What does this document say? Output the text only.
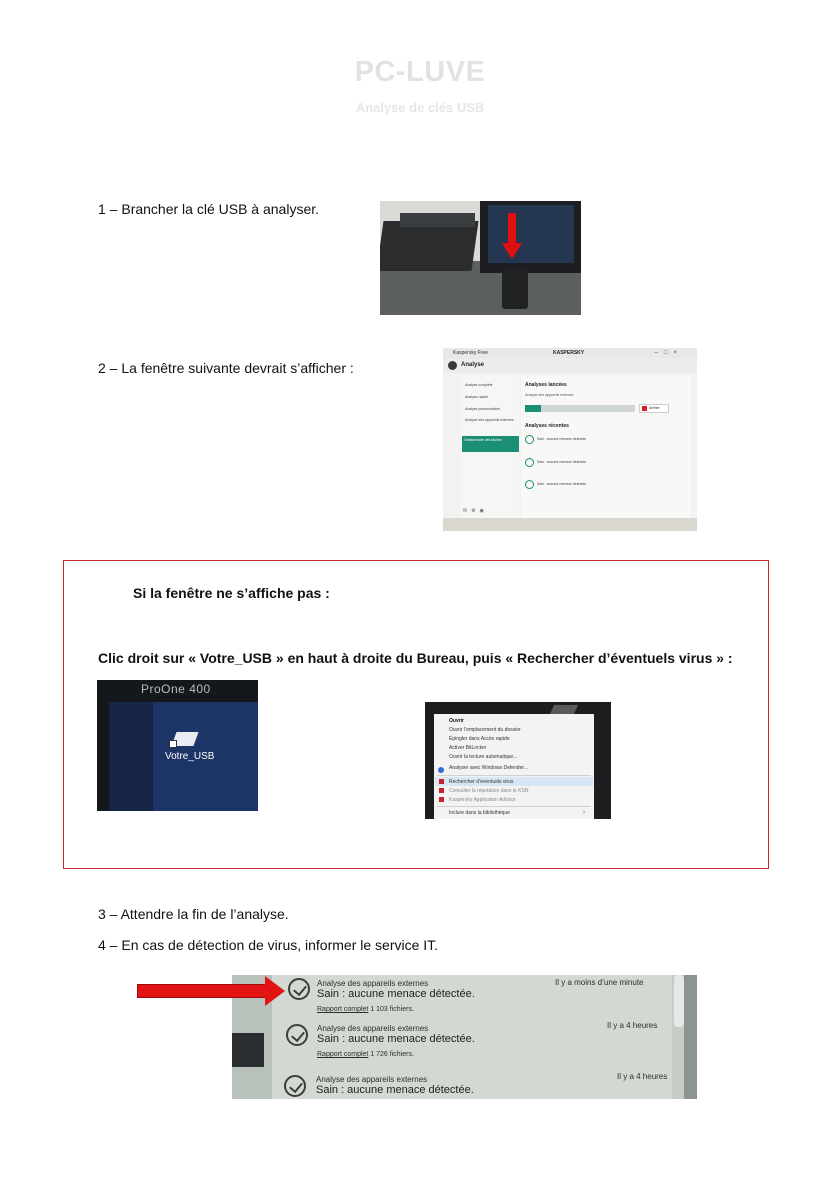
PC-LUVE
Analyse de clés USB
1 – Brancher la clé USB à analyser.
2 – La fenêtre suivante devrait s’afficher :
Kaspersky Free	KASPERSKY	–□×
Analyse
Analyse complète
Analyse rapide
Analyse personnalisée
Analyse des appareils externes
Gestionnaire des tâches
Analyses lancées
Analyse des appareils externes
Arrêter
Analyses récentes
Sain : aucune menace détectée
Sain : aucune menace détectée
Sain : aucune menace détectée
✉⚙◉
Si la fenêtre ne s’affiche pas :
Clic droit sur « Votre_USB » en haut à droite du Bureau, puis « Rechercher d’éventuels virus » :
ProOne 400
Votre_USB
Ouvrir
Ouvrir l’emplacement du dossier
Épingler dans Accès rapide
Activer BitLocker
Ouvrir la lecture automatique...
Analyser avec Windows Defender...
Rechercher d’éventuels virus
Consulter la réputation dans le KSN
Kaspersky Application Advisor
Inclure dans la bibliothèque	›
3 – Attendre la fin de l’analyse.
4 – En cas de détection de virus, informer le service IT.
Analyse des appareils externes
Sain : aucune menace détectée.
Rapport complet 1 103 fichiers.
Il y a moins d’une minute
Analyse des appareils externes
Sain : aucune menace détectée.
Rapport complet 1 726 fichiers.
Il y a 4 heures
Analyse des appareils externes
Sain : aucune menace détectée.
Il y a 4 heures
